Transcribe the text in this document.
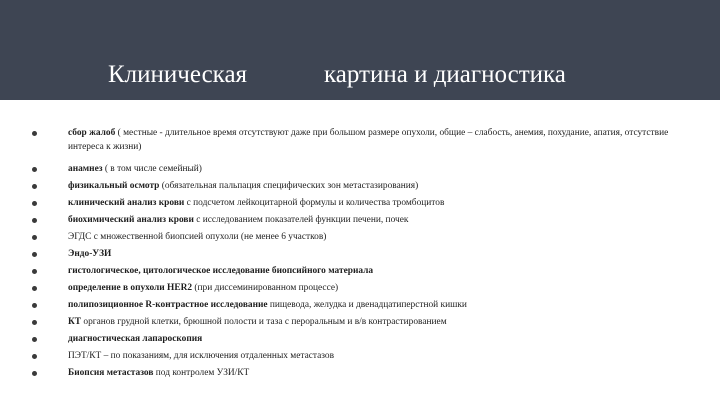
Клиническая	картина и диагностика
сбор жалоб ( местные - длительное время отсутствуют даже при большом размере опухоли, общие – слабость, анемия, похудание, апатия, отсутствие интереса к жизни)
анамнез ( в том числе семейный)
физикальный осмотр (обязательная пальпация специфических зон метастазирования)
клинический анализ крови с подсчетом лейкоцитарной формулы и количества тромбоцитов
биохимический анализ крови с исследованием показателей функции печени, почек
ЭГДС с множественной биопсией опухоли (не менее 6 участков)
Эндо-УЗИ
гистологическое, цитологическое исследование биопсийного материала
определение в опухоли HER2 (при диссеминированном процессе)
полипозиционное R-контрастное исследование пищевода, желудка и двенадцатиперстной кишки
КТ органов грудной клетки, брюшной полости и таза с пероральным и в/в контрастированием
диагностическая лапароскопия
ПЭТ/КТ – по показаниям, для исключения отдаленных метастазов
Биопсия метастазов под контролем УЗИ/КТ
